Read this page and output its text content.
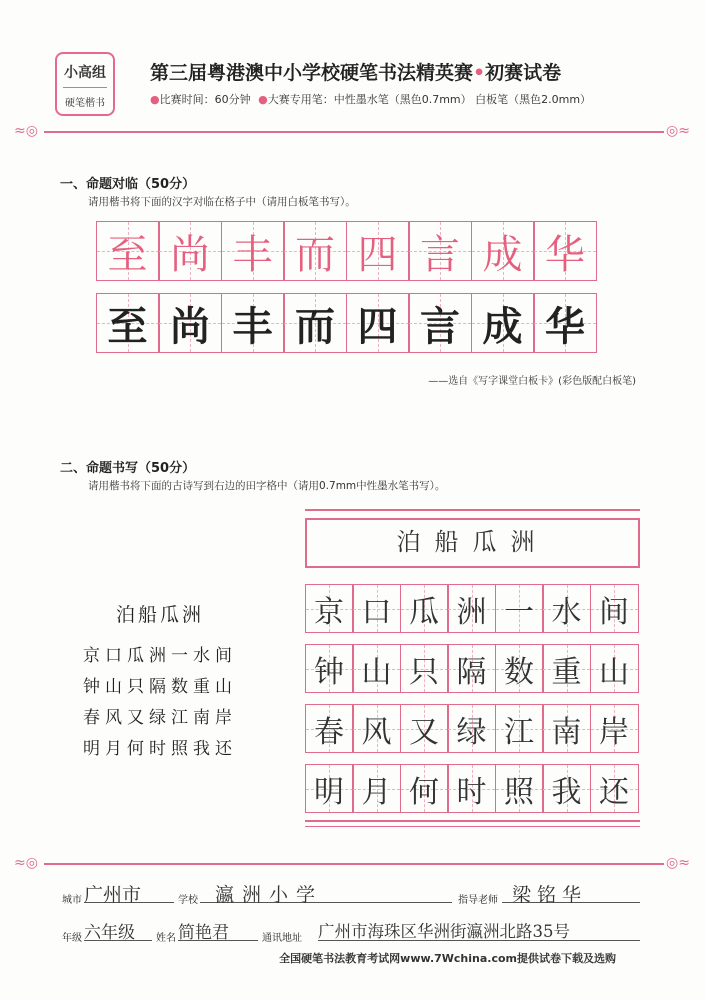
小高组
硬笔楷书
第三届粤港澳中小学校硬笔书法精英赛•初赛试卷
●比赛时间：60分钟 ●大赛专用笔：中性墨水笔（黑色0.7mm） 白板笔（黑色2.0mm）
≈◎	◎≈
一、命题对临（50分）
请用楷书将下面的汉字对临在格子中（请用白板笔书写）。
至 尚 丰 而 四 言 成 华
至 尚 丰 而 四 言 成 华
——选自《写字课堂白板卡》(彩色版配白板笔)
二、命题书写（50分）
请用楷书将下面的古诗写到右边的田字格中（请用0.7mm中性墨水笔书写）。
泊船瓜洲
泊船瓜洲
京口瓜洲一水间
钟山只隔数重山
春风又绿江南岸
明月何时照我还
京 口 瓜 洲 一 水 间
钟 山 只 隔 数 重 山
春 风 又 绿 江 南 岸
明 月 何 时 照 我 还
≈◎	◎≈
城市 广州市	学校 瀛洲小学	指导老师 梁铭华
年级 六年级	姓名 简艳君	通讯地址 广州市海珠区华洲街瀛洲北路35号
全国硬笔书法教育考试网www.7Wchina.com提供试卷下载及选购
